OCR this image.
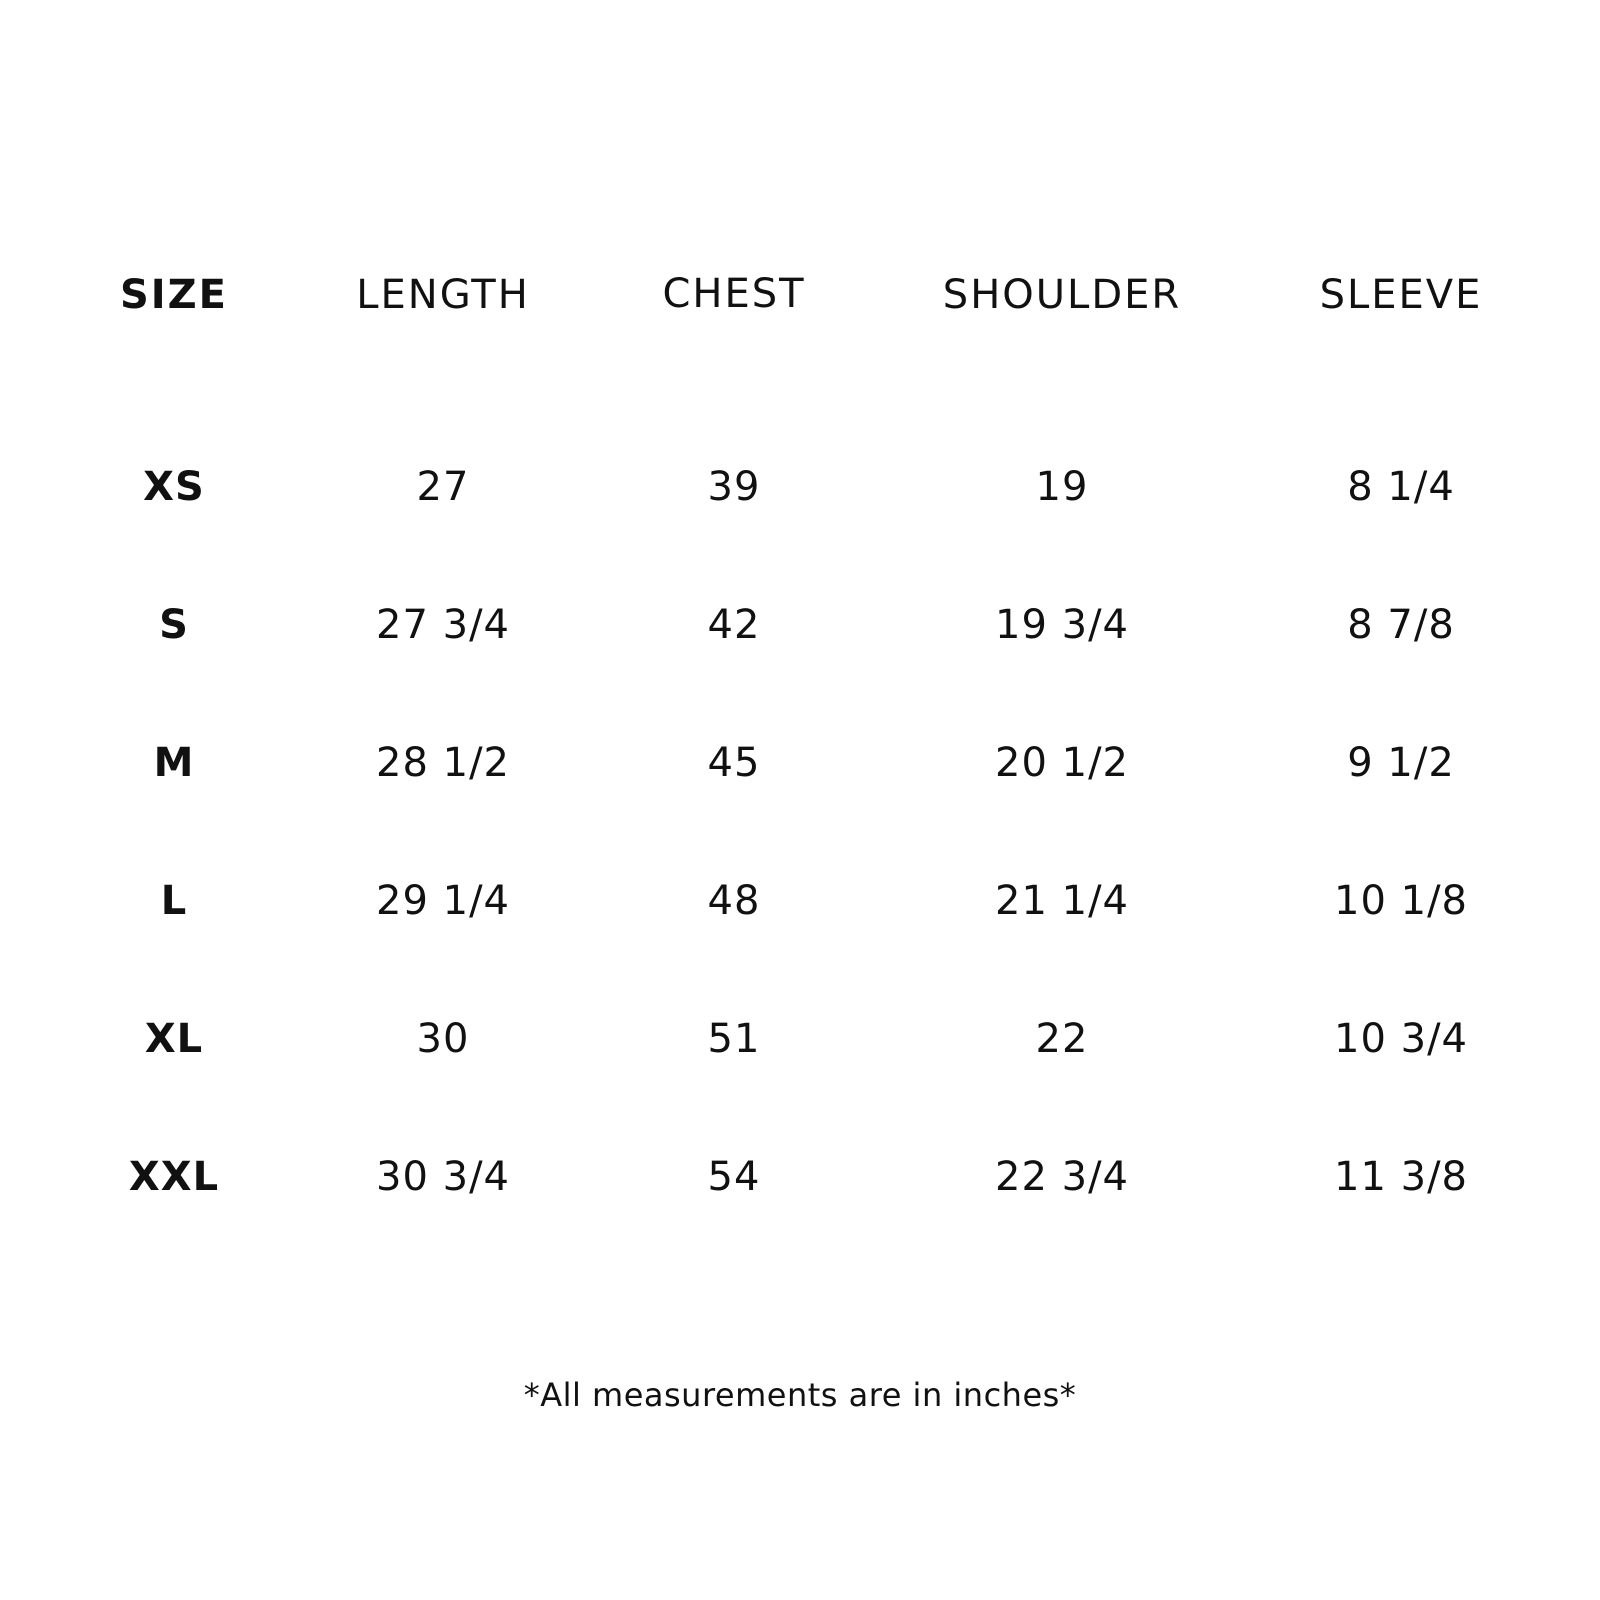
SIZE	LENGTH	CHEST	SHOULDER	SLEEVE
XS	27	39	19	8 1/4
S	27 3/4	42	19 3/4	8 7/8
M	28 1/2	45	20 1/2	9 1/2
L	29 1/4	48	21 1/4	10 1/8
XL	30	51	22	10 3/4
XXL	30 3/4	54	22 3/4	11 3/8
*All measurements are in inches*
